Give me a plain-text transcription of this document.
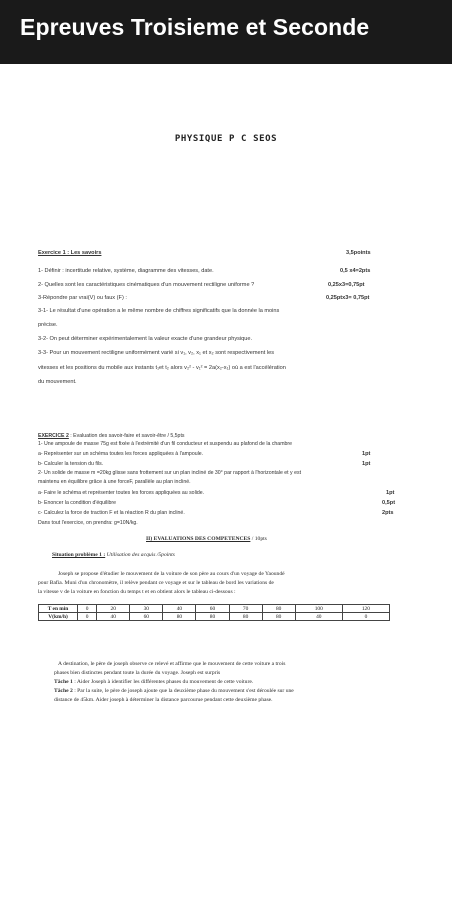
Epreuves Troisieme et Seconde
PHYSIQUE P C SEOS
Exercice 1 : Les savoirs	3,5points
1- Définir : incertitude relative, système, diagramme des vitesses, date.	0,5 x4=2pts
2- Quelles sont les caractéristiques cinématiques d'un mouvement rectiligne uniforme ?	0,25x3=0,75pt
3-Répondre par vrai(V) ou faux (F) :	0,25ptx3= 0,75pt
3-1- Le résultat d'une opération a le même nombre de chiffres significatifs que la donnée la moins
précise.
3-2- On peut déterminer expérimentalement la valeur exacte d'une grandeur physique.
3-3- Pour un mouvement rectiligne uniformément varié si v₁, v₂, x₁ et x₂ sont respectivement les
vitesses et les positions du mobile aux instants t₁et t₂ alors v₂² - v₁² = 2a(x₂-x₁) où a est l'accélération
du mouvement.
EXERCICE 2 : Evaluation des savoir-faire et savoir-être / 5,5pts
1- Une ampoule de masse 75g est fixée à l'extrémité d'un fil conducteur et suspendu au plafond de la chambre
a- Représenter sur un schéma toutes les forces appliquées à l'ampoule.	1pt
b- Calculer la tension du fils.	1pt
2- Un solide de masse m =20kg glisse sans frottement sur un plan incliné de 30° par rapport à l'horizontale et y est
maintenu en équilibre grâce à une forceF, parallèle au plan incliné.
a- Faire le schéma et représenter toutes les forces appliquées au solide.	1pt
b- Enoncer la condition d'équilibre	0,5pt
c- Calculez la force de traction F et la réaction R du plan incliné.	2pts
Dans tout l'exercice, on prendra: g=10N/kg.
II) EVALUATIONS DES COMPETENCES / 10pts
Situation problème 1 : Utilisation des acquis /5points
Joseph se propose d'étudier le mouvement de la voiture de son père au cours d'un voyage de Yaoundé
pour Bafia. Muni d'un chronomètre, il relève pendant ce voyage et sur le tableau de bord les variations de
la vitesse v de la voiture en fonction du temps t et en obtient alors le tableau ci-dessous :
T en min	0	20	30	40	60	70	80	100	120
V(km/h)	0	40	60	80	80	80	80	40	0
A destination, le père de joseph observe ce relevé et affirme que le mouvement de cette voiture a trois
phases bien distinctes pendant toute la durée du voyage. Joseph est surpris
Tâche 1 : Aider Joseph à identifier les différentes phases du mouvement de cette voiture.
Tâche 2 : Par la suite, le père de joseph ajoute que la deuxième phase du mouvement s'est déroulée sur une
distance de 45km. Aider joseph à déterminer la distance parcourue pendant cette deuxième phase.
